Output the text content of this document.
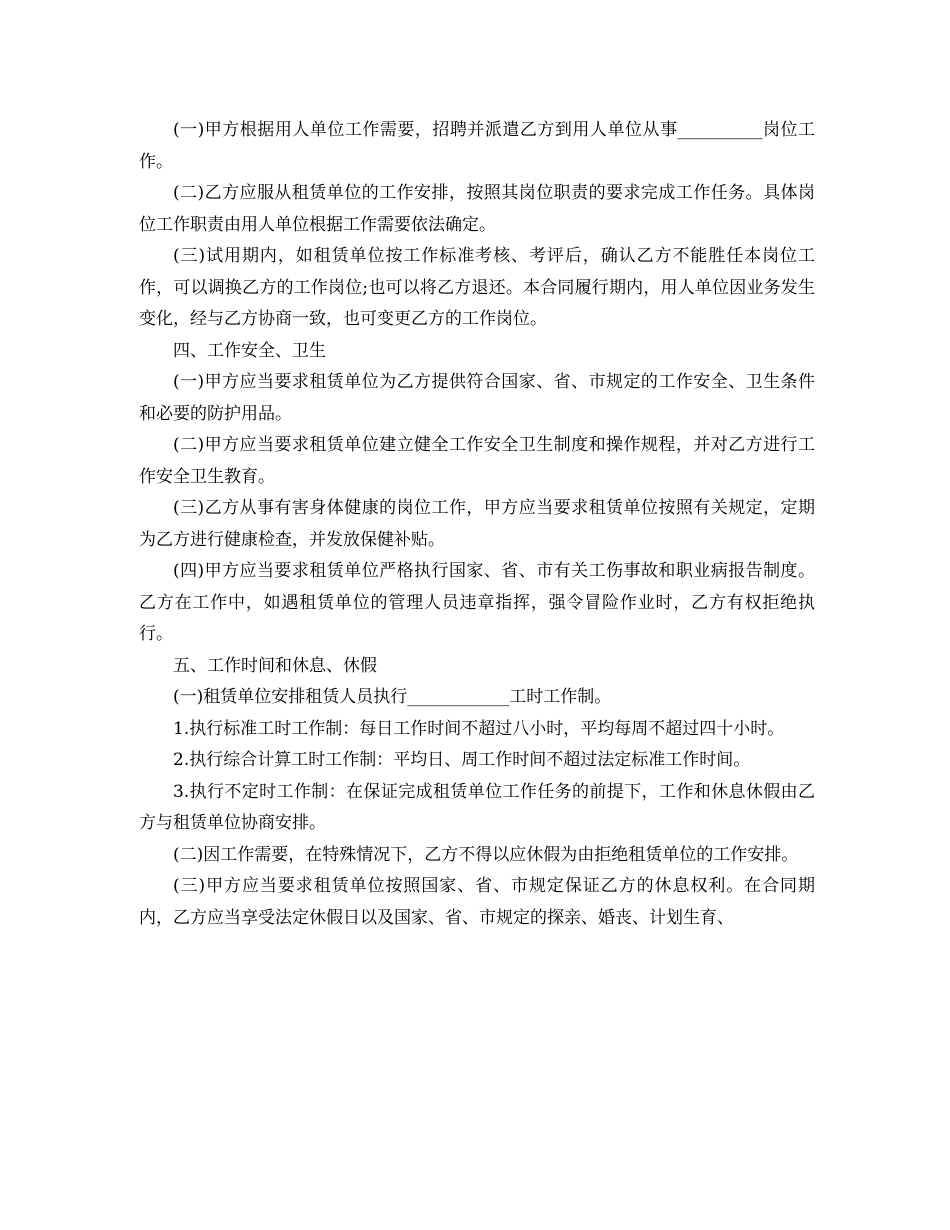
(一)甲方根据用人单位工作需要，招聘并派遣乙方到用人单位从事__________岗位工作。

(二)乙方应服从租赁单位的工作安排，按照其岗位职责的要求完成工作任务。具体岗位工作职责由用人单位根据工作需要依法确定。

(三)试用期内，如租赁单位按工作标准考核、考评后，确认乙方不能胜任本岗位工作，可以调换乙方的工作岗位;也可以将乙方退还。本合同履行期内，用人单位因业务发生变化，经与乙方协商一致，也可变更乙方的工作岗位。

四、工作安全、卫生

(一)甲方应当要求租赁单位为乙方提供符合国家、省、市规定的工作安全、卫生条件和必要的防护用品。

(二)甲方应当要求租赁单位建立健全工作安全卫生制度和操作规程，并对乙方进行工作安全卫生教育。

(三)乙方从事有害身体健康的岗位工作，甲方应当要求租赁单位按照有关规定，定期为乙方进行健康检查，并发放保健补贴。

(四)甲方应当要求租赁单位严格执行国家、省、市有关工伤事故和职业病报告制度。乙方在工作中，如遇租赁单位的管理人员违章指挥，强令冒险作业时，乙方有权拒绝执行。

五、工作时间和休息、休假

(一)租赁单位安排租赁人员执行____________工时工作制。

1.执行标准工时工作制：每日工作时间不超过八小时，平均每周不超过四十小时。

2.执行综合计算工时工作制：平均日、周工作时间不超过法定标准工作时间。

3.执行不定时工作制：在保证完成租赁单位工作任务的前提下，工作和休息休假由乙方与租赁单位协商安排。

(二)因工作需要，在特殊情况下，乙方不得以应休假为由拒绝租赁单位的工作安排。

(三)甲方应当要求租赁单位按照国家、省、市规定保证乙方的休息权利。在合同期内，乙方应当享受法定休假日以及国家、省、市规定的探亲、婚丧、计划生育、
